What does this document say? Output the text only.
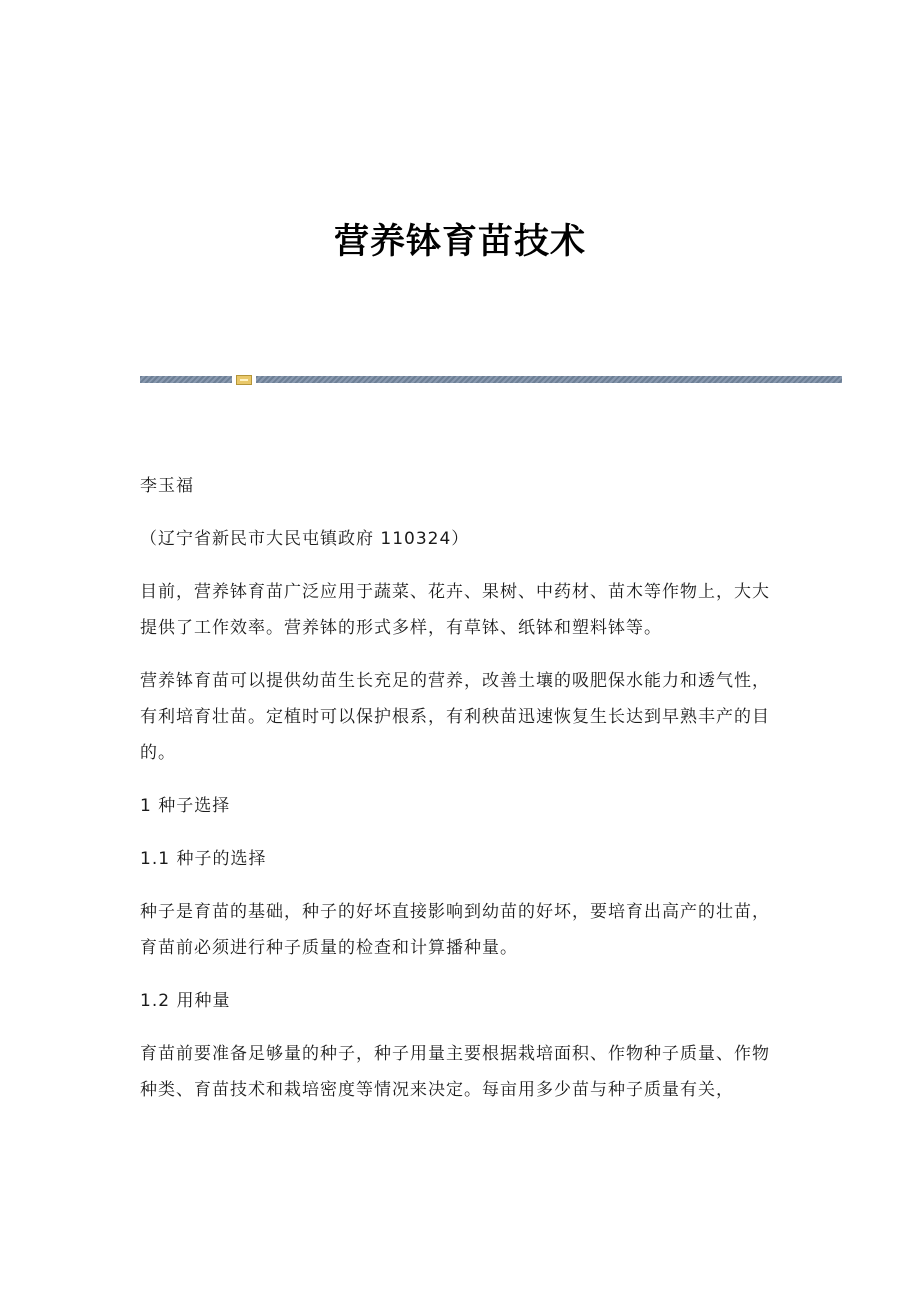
营养钵育苗技术

李玉福

（辽宁省新民市大民屯镇政府 110324）

目前，营养钵育苗广泛应用于蔬菜、花卉、果树、中药材、苗木等作物上，大大提供了工作效率。营养钵的形式多样，有草钵、纸钵和塑料钵等。

营养钵育苗可以提供幼苗生长充足的营养，改善土壤的吸肥保水能力和透气性，有利培育壮苗。定植时可以保护根系，有利秧苗迅速恢复生长达到早熟丰产的目的。

1 种子选择

1.1 种子的选择

种子是育苗的基础，种子的好坏直接影响到幼苗的好坏，要培育出高产的壮苗，育苗前必须进行种子质量的检查和计算播种量。

1.2 用种量

育苗前要准备足够量的种子，种子用量主要根据栽培面积、作物种子质量、作物种类、育苗技术和栽培密度等情况来决定。每亩用多少苗与种子质量有关，
